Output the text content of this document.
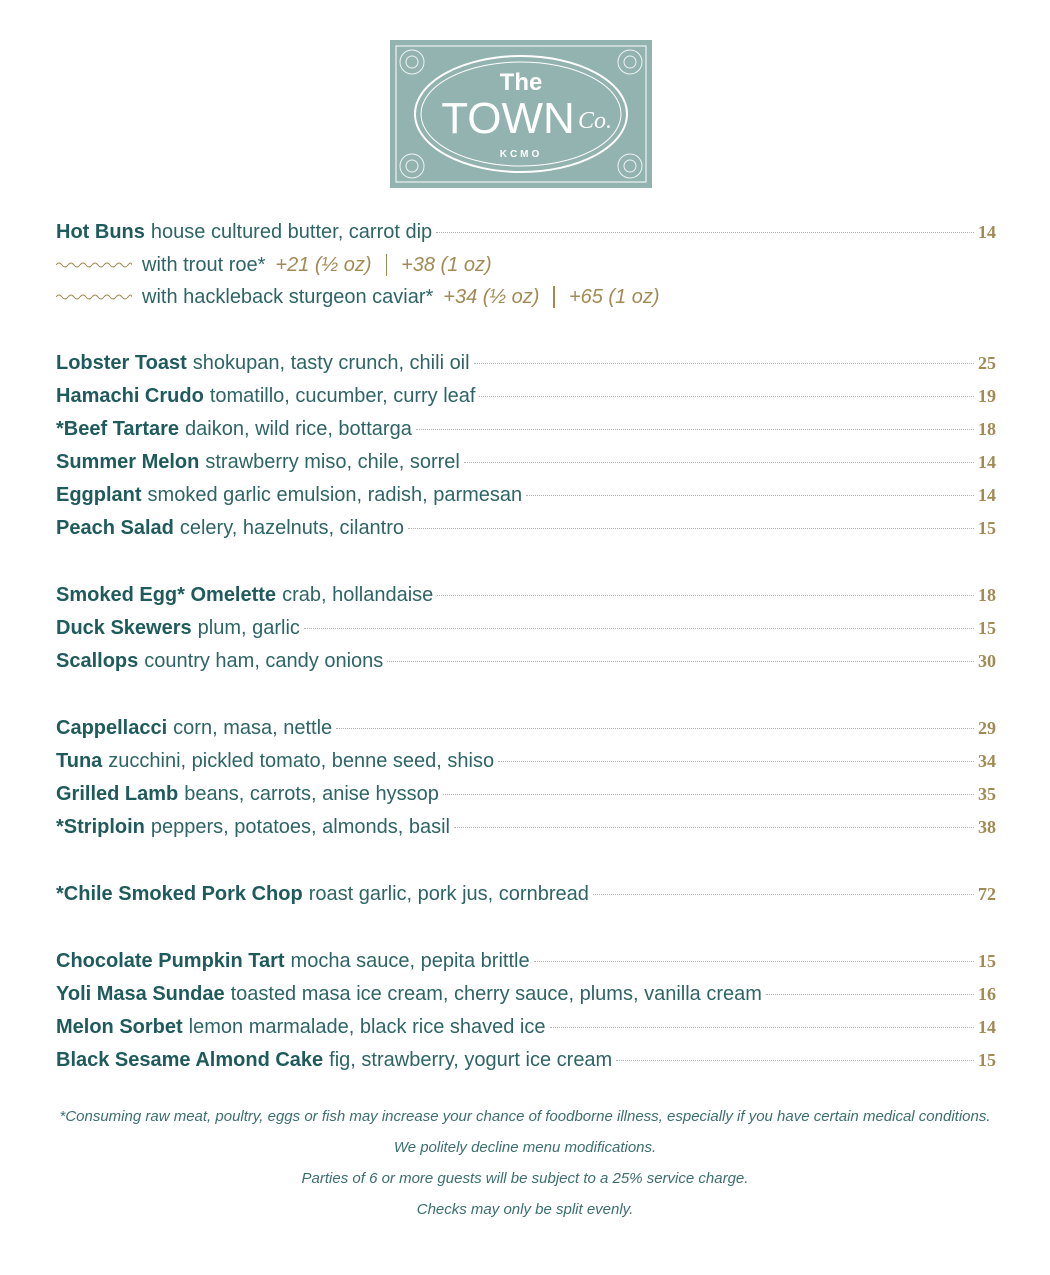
The
TOWN Co.
KCMO
Hot Buns house cultured butter, carrot dip	14
with trout roe* +21 (½ oz) +38 (1 oz)
with hackleback sturgeon caviar* +34 (½ oz) +65 (1 oz)
Lobster Toast shokupan, tasty crunch, chili oil	25
Hamachi Crudo tomatillo, cucumber, curry leaf	19
*Beef Tartare daikon, wild rice, bottarga	18
Summer Melon strawberry miso, chile, sorrel	14
Eggplant smoked garlic emulsion, radish, parmesan	14
Peach Salad celery, hazelnuts, cilantro	15
Smoked Egg* Omelette crab, hollandaise	18
Duck Skewers plum, garlic	15
Scallops country ham, candy onions	30
Cappellacci corn, masa, nettle	29
Tuna zucchini, pickled tomato, benne seed, shiso	34
Grilled Lamb beans, carrots, anise hyssop	35
*Striploin peppers, potatoes, almonds, basil	38
*Chile Smoked Pork Chop roast garlic, pork jus, cornbread	72
Chocolate Pumpkin Tart mocha sauce, pepita brittle	15
Yoli Masa Sundae toasted masa ice cream, cherry sauce, plums, vanilla cream	16
Melon Sorbet lemon marmalade, black rice shaved ice	14
Black Sesame Almond Cake fig, strawberry, yogurt ice cream	15
*Consuming raw meat, poultry, eggs or fish may increase your chance of foodborne illness, especially if you have certain medical conditions.
We politely decline menu modifications.
Parties of 6 or more guests will be subject to a 25% service charge.
Checks may only be split evenly.
